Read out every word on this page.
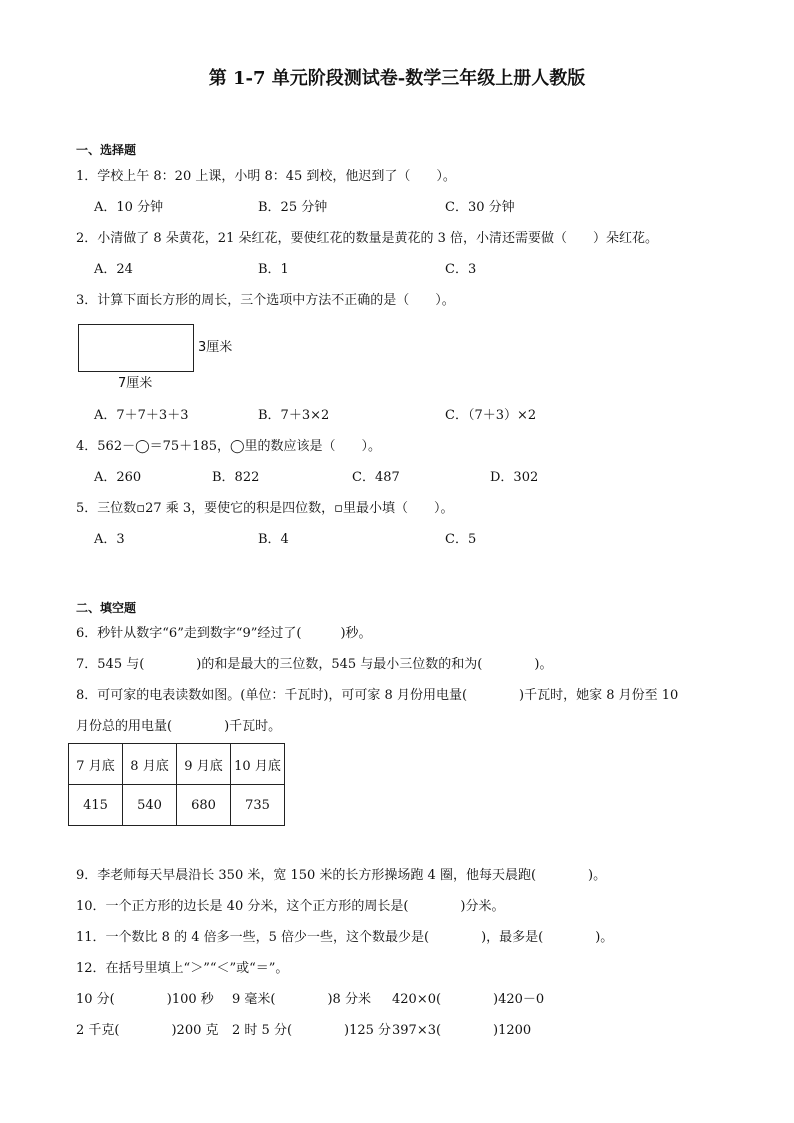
第 1-7 单元阶段测试卷-数学三年级上册人教版
一、选择题
1．学校上午 8：20 上课，小明 8：45 到校，他迟到了（　　）。
A．10 分钟	B．25 分钟	C．30 分钟
2．小清做了 8 朵黄花，21 朵红花，要使红花的数量是黄花的 3 倍，小清还需要做（　　）朵红花。
A．24	B．1	C．3
3．计算下面长方形的周长，三个选项中方法不正确的是（　　）。
3厘米
7厘米
A．7＋7＋3＋3	B．7＋3×2	C．（7＋3）×2
4．562－◯＝75＋185，◯里的数应该是（　　）。
A．260	B．822	C．487	D．302
5．三位数▫27 乘 3，要使它的积是四位数，▫里最小填（　　）。
A．3	B．4	C．5
二、填空题
6．秒针从数字“6”走到数字“9”经过了(　　　)秒。
7．545 与(　　　　)的和是最大的三位数，545 与最小三位数的和为(　　　　)。
8．可可家的电表读数如图。(单位：千瓦时)，可可家 8 月份用电量(　　　　)千瓦时，她家 8 月份至 10
月份总的用电量(　　　　)千瓦时。
7 月底	8 月底	9 月底	10 月底
415	540	680	735
9．李老师每天早晨沿长 350 米，宽 150 米的长方形操场跑 4 圈，他每天晨跑(　　　　)。
10．一个正方形的边长是 40 分米，这个正方形的周长是(　　　　)分米。
11．一个数比 8 的 4 倍多一些，5 倍少一些，这个数最少是(　　　　)，最多是(　　　　)。
12．在括号里填上“＞”“＜”或“＝”。
10 分(　　　　)100 秒 9 毫米(　　　　)8 分米 420×0(　　　　)420－0
2 千克(　　　　)200 克 2 时 5 分(　　　　)125 分 397×3(　　　　)1200
